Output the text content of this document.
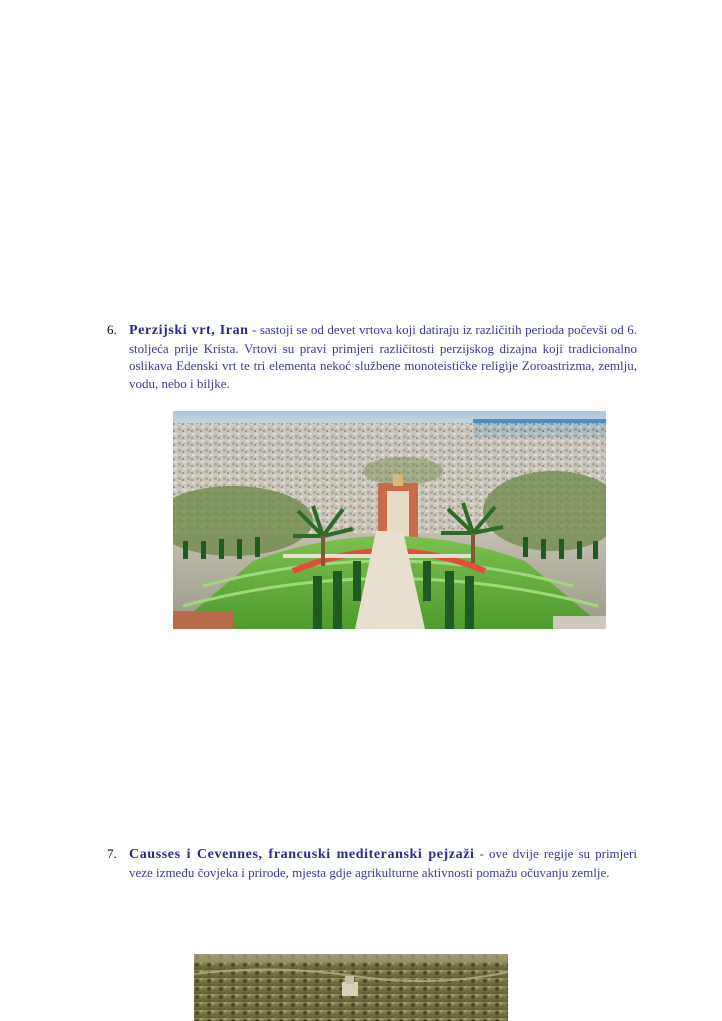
6. Perzijski vrt, Iran - sastoji se od devet vrtova koji datiraju iz različitih perioda počevši od 6. stoljeća prije Krista. Vrtovi su pravi primjeri različitosti perzijskog dizajna koji tradicionalno oslikava Edenski vrt te tri elementa nekoć službene monoteističke religije Zoroastrizma, zemlju, vodu, nebo i biljke.
7. Causses i Cevennes, francuski mediteranski pejzaži - ove dvije regije su primjeri veze između čovjeka i prirode, mjesta gdje agrikulturne aktivnosti pomažu očuvanju zemlje.
